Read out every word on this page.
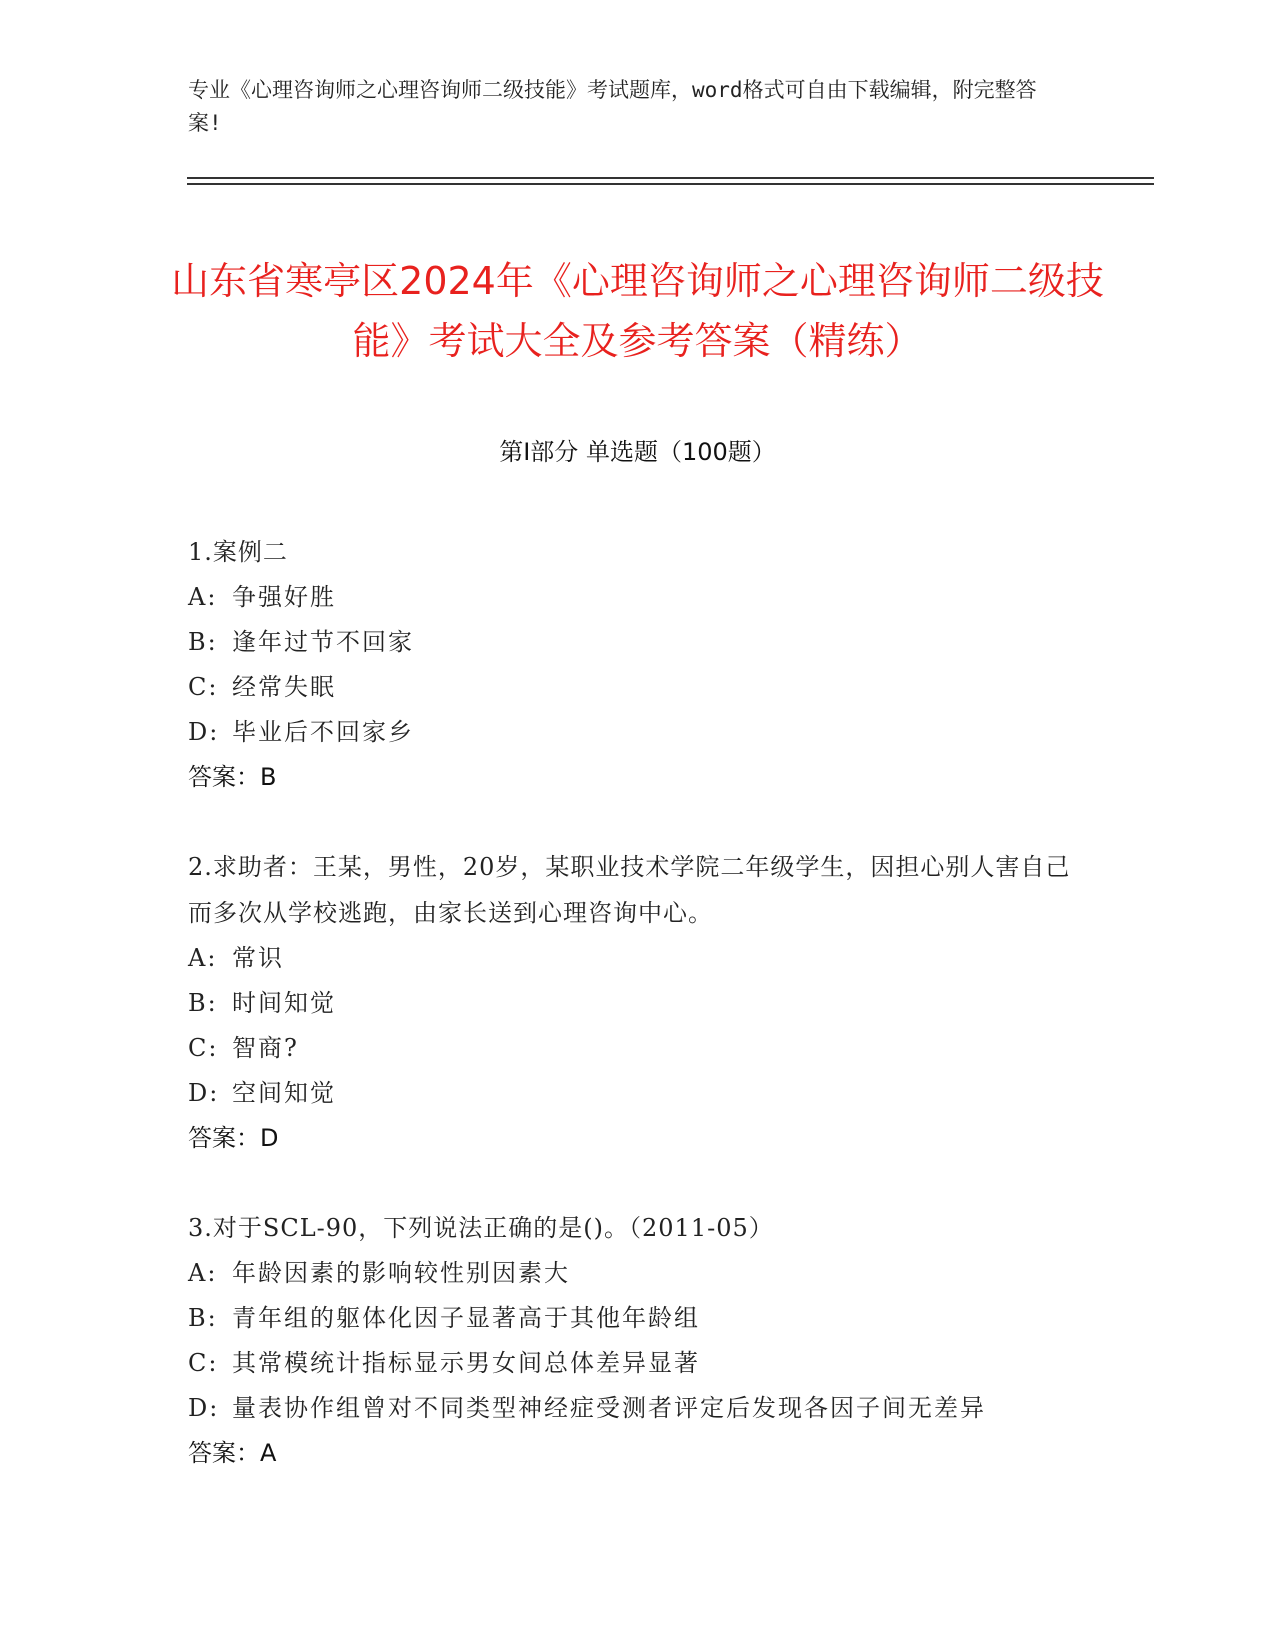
专业《心理咨询师之心理咨询师二级技能》考试题库，word格式可自由下载编辑，附完整答案!
山东省寒亭区2024年《心理咨询师之心理咨询师二级技能》考试大全及参考答案（精练）
第Ⅰ部分 单选题（100题）
1.案例二
A: 争强好胜
B: 逢年过节不回家
C: 经常失眠
D: 毕业后不回家乡
答案：B
2.求助者：王某，男性，20岁，某职业技术学院二年级学生，因担心别人害自己而多次从学校逃跑，由家长送到心理咨询中心。
A: 常识
B: 时间知觉
C: 智商?
D: 空间知觉
答案：D
3.对于SCL-90，下列说法正确的是()。（2011-05）
A: 年龄因素的影响较性别因素大
B: 青年组的躯体化因子显著高于其他年龄组
C: 其常模统计指标显示男女间总体差异显著
D: 量表协作组曾对不同类型神经症受测者评定后发现各因子间无差异
答案：A
